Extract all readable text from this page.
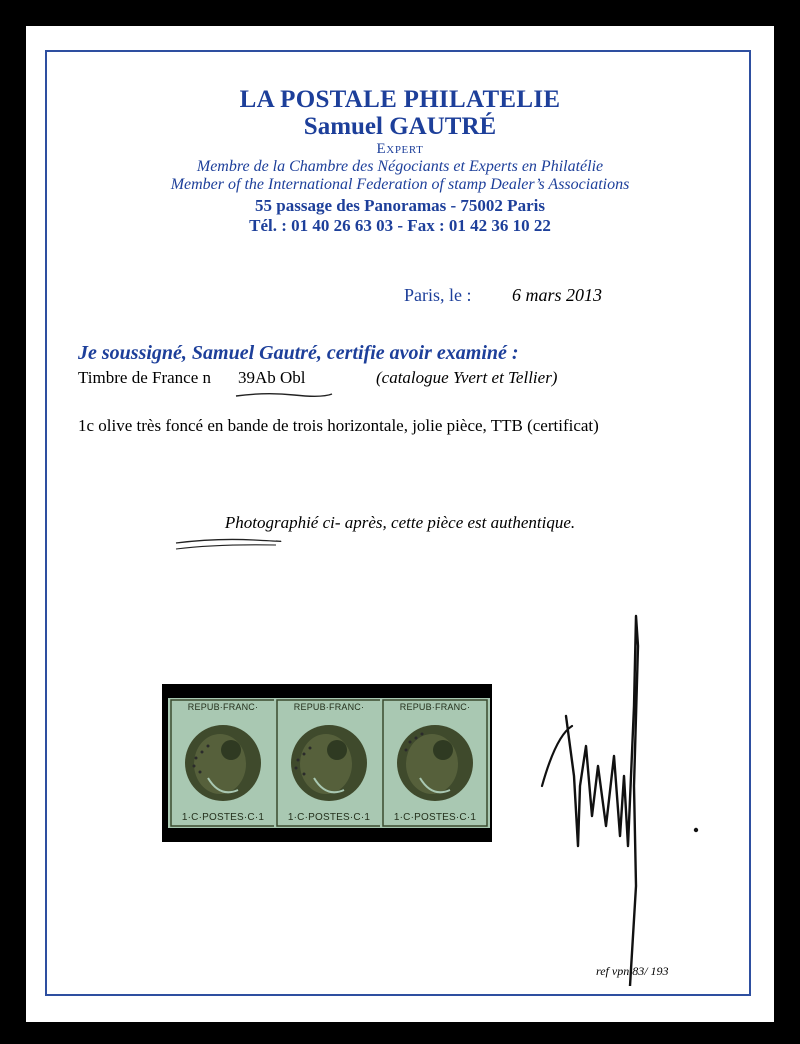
LA POSTALE PHILATELIE
Samuel GAUTRÉ
Expert
Membre de la Chambre des Négociants et Experts en Philatélie
Member of the International Federation of stamp Dealer’s Associations
55 passage des Panoramas - 75002 Paris
Tél. : 01 40 26 63 03 - Fax : 01 42 36 10 22
Paris, le : 6 mars 2013
Je soussigné, Samuel Gautré, certifie avoir examiné :
Timbre de France n 39Ab Obl	(catalogue Yvert et Tellier)
1c olive très foncé en bande de trois horizontale, jolie pièce, TTB (certificat)
Photographié ci- après, cette pièce est authentique.
REPUB·FRANC·
1·C·POSTES·C·1
REPUB·FRANC·
1·C·POSTES·C·1
REPUB·FRANC·
1·C·POSTES·C·1
ref vpn 83/ 193
